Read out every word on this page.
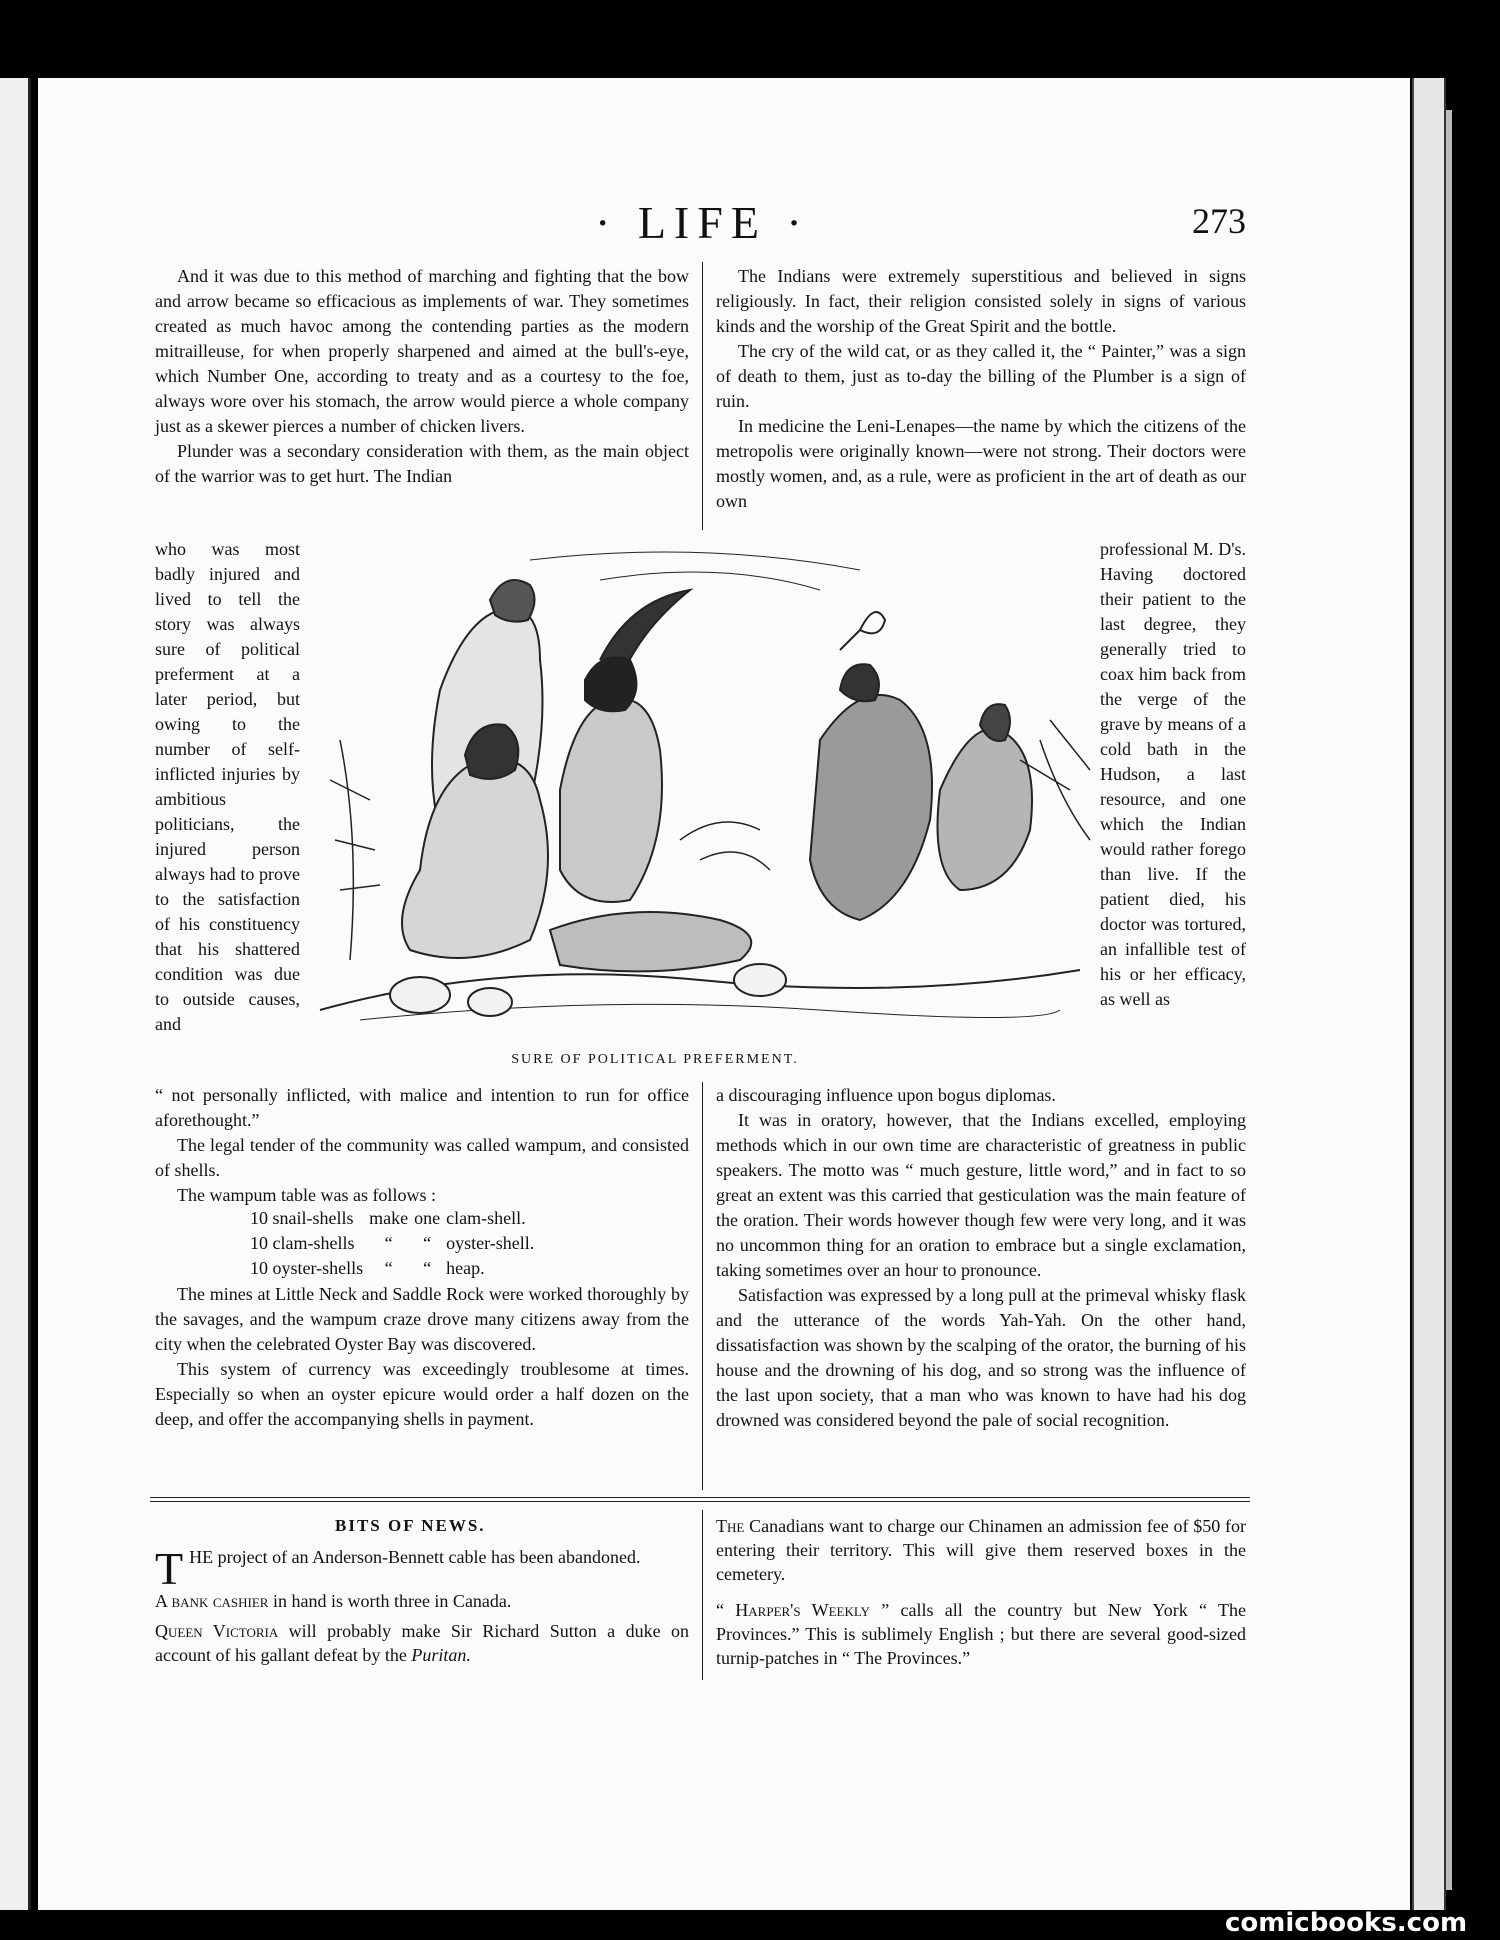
· LIFE ·	273

And it was due to this method of marching and fighting that the bow and arrow became so efficacious as implements of war. They sometimes created as much havoc among the contending parties as the modern mitrailleuse, for when properly sharpened and aimed at the bull's-eye, which Number One, according to treaty and as a courtesy to the foe, always wore over his stomach, the arrow would pierce a whole company just as a skewer pierces a number of chicken livers.

Plunder was a secondary consideration with them, as the main object of the warrior was to get hurt. The Indian

The Indians were extremely superstitious and believed in signs religiously. In fact, their religion consisted solely in signs of various kinds and the worship of the Great Spirit and the bottle.

The cry of the wild cat, or as they called it, the “ Painter,” was a sign of death to them, just as to-day the billing of the Plumber is a sign of ruin.

In medicine the Leni-Lenapes—the name by which the citizens of the metropolis were originally known—were not strong. Their doctors were mostly women, and, as a rule, were as proficient in the art of death as our own

who was most badly injured and lived to tell the story was always sure of political preferment at a later period, but owing to the number of self-inflicted injuries by ambitious politicians, the injured person always had to prove to the satisfaction of his constituency that his shattered condition was due to outside causes, and

professional M. D's. Having doctored their patient to the last degree, they generally tried to coax him back from the verge of the grave by means of a cold bath in the Hudson, a last resource, and one which the Indian would rather forego than live. If the patient died, his doctor was tortured, an infallible test of his or her efficacy, as well as

SURE OF POLITICAL PREFERMENT.

“ not personally inflicted, with malice and intention to run for office aforethought.”

The legal tender of the community was called wampum, and consisted of shells.

The wampum table was as follows :

10 snail-shells	make	one	clam-shell.
10 clam-shells	“	“	oyster-shell.
10 oyster-shells	“	“	heap.

The mines at Little Neck and Saddle Rock were worked thoroughly by the savages, and the wampum craze drove many citizens away from the city when the celebrated Oyster Bay was discovered.

This system of currency was exceedingly troublesome at times. Especially so when an oyster epicure would order a half dozen on the deep, and offer the accompanying shells in payment.

a discouraging influence upon bogus diplomas.

It was in oratory, however, that the Indians excelled, employing methods which in our own time are characteristic of greatness in public speakers. The motto was “ much gesture, little word,” and in fact to so great an extent was this carried that gesticulation was the main feature of the oration. Their words however though few were very long, and it was no uncommon thing for an oration to embrace but a single exclamation, taking sometimes over an hour to pronounce.

Satisfaction was expressed by a long pull at the primeval whisky flask and the utterance of the words Yah-Yah. On the other hand, dissatisfaction was shown by the scalping of the orator, the burning of his house and the drowning of his dog, and so strong was the influence of the last upon society, that a man who was known to have had his dog drowned was considered beyond the pale of social recognition.

BITS OF NEWS.

THE project of an Anderson-Bennett cable has been abandoned.

A bank cashier in hand is worth three in Canada.

Queen Victoria will probably make Sir Richard Sutton a duke on account of his gallant defeat by the Puritan.

The Canadians want to charge our Chinamen an admission fee of $50 for entering their territory. This will give them reserved boxes in the cemetery.

“ Harper's Weekly ” calls all the country but New York “ The Provinces.” This is sublimely English ; but there are several good-sized turnip-patches in “ The Provinces.”

comicbooks.com
